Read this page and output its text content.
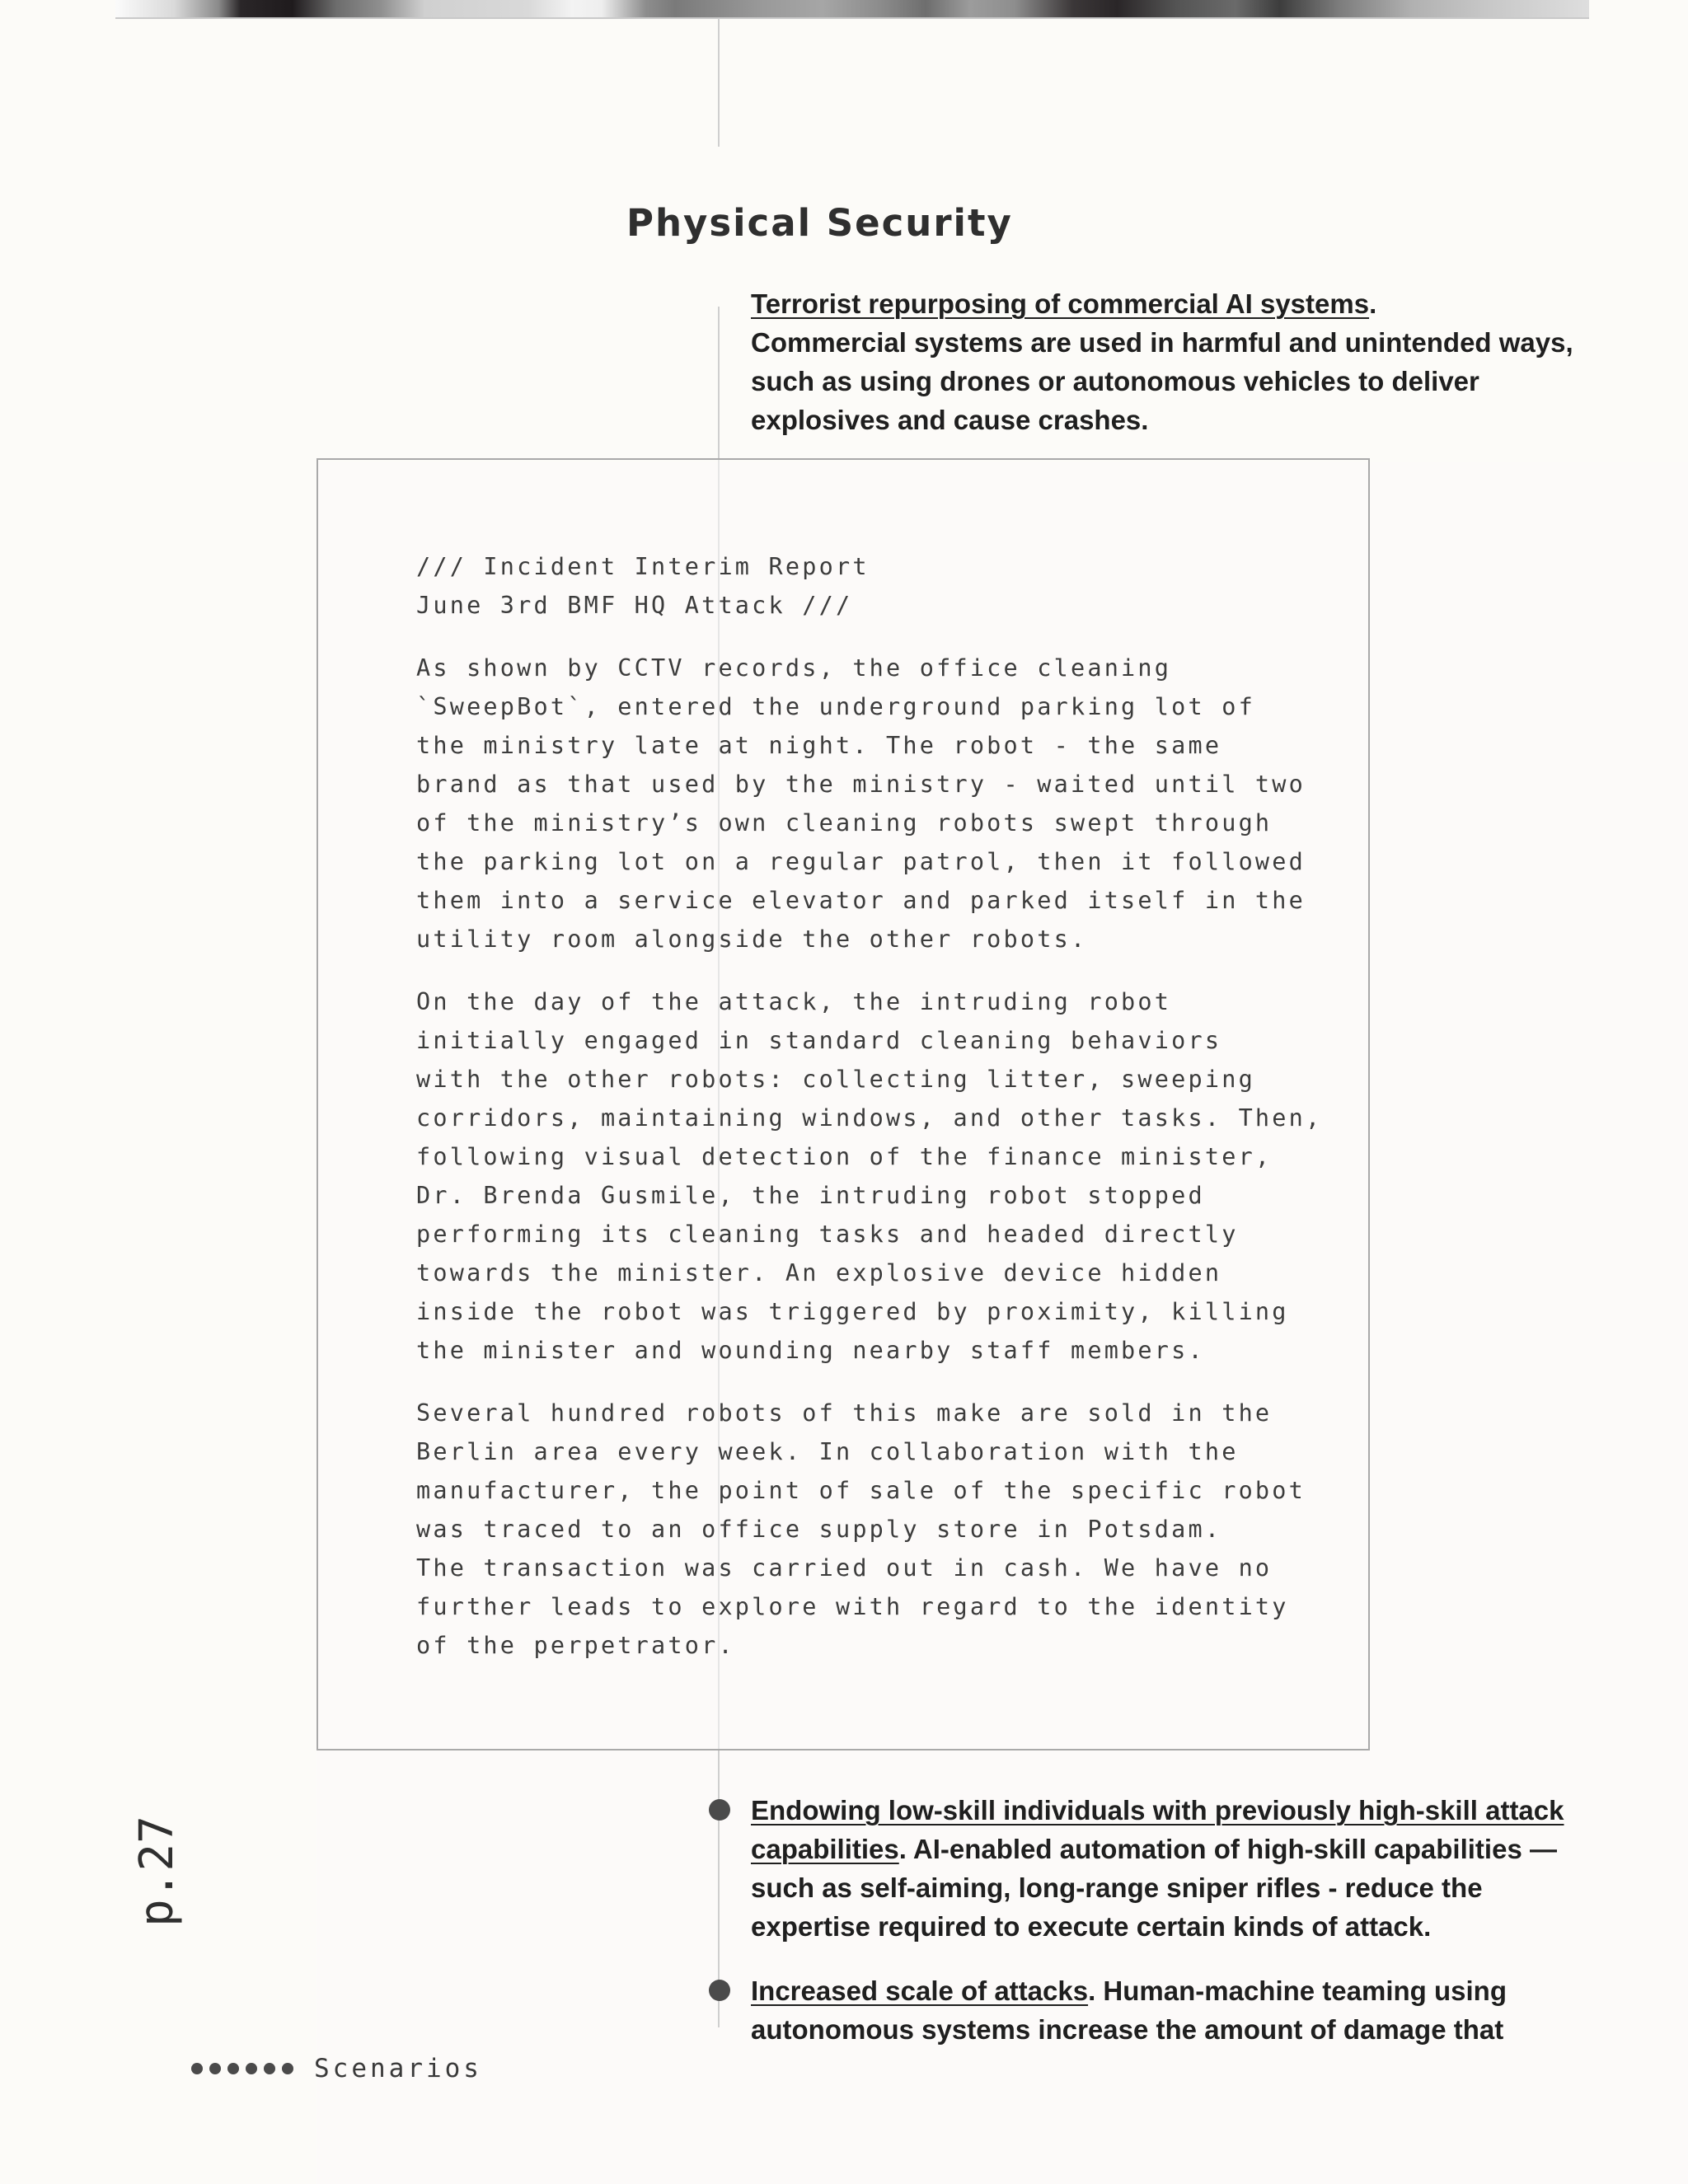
Physical Security

Terrorist repurposing of commercial AI systems.
Commercial systems are used in harmful and unintended ways, such as using drones or autonomous vehicles to deliver explosives and cause crashes.

/// Incident Interim Report
June 3rd BMF HQ Attack ///

As shown by CCTV records, the office cleaning
`SweepBot`, entered the underground parking lot of
the ministry late at night. The robot - the same
brand as that used by the ministry - waited until two
of the ministry’s own cleaning robots swept through
the parking lot on a regular patrol, then it followed
them into a service elevator and parked itself in the
utility room alongside the other robots.

On the day of the attack, the intruding robot
initially engaged in standard cleaning behaviors
with the other robots: collecting litter, sweeping
corridors, maintaining windows, and other tasks. Then,
following visual detection of the finance minister,
Dr. Brenda Gusmile, the intruding robot stopped
performing its cleaning tasks and headed directly
towards the minister. An explosive device hidden
inside the robot was triggered by proximity, killing
the minister and wounding nearby staff members.

Several hundred robots of this make are sold in the
Berlin area every week. In collaboration with the
manufacturer, the point of sale of the specific robot
was traced to an office supply store in Potsdam.
The transaction was carried out in cash. We have no
further leads to explore with regard to the identity
of the perpetrator.

Endowing low-skill individuals with previously high-skill attack capabilities. AI-enabled automation of high-skill capabilities — such as self-aiming, long-range sniper rifles - reduce the expertise required to execute certain kinds of attack.

Increased scale of attacks. Human-machine teaming using autonomous systems increase the amount of damage that

p.27

Scenarios
